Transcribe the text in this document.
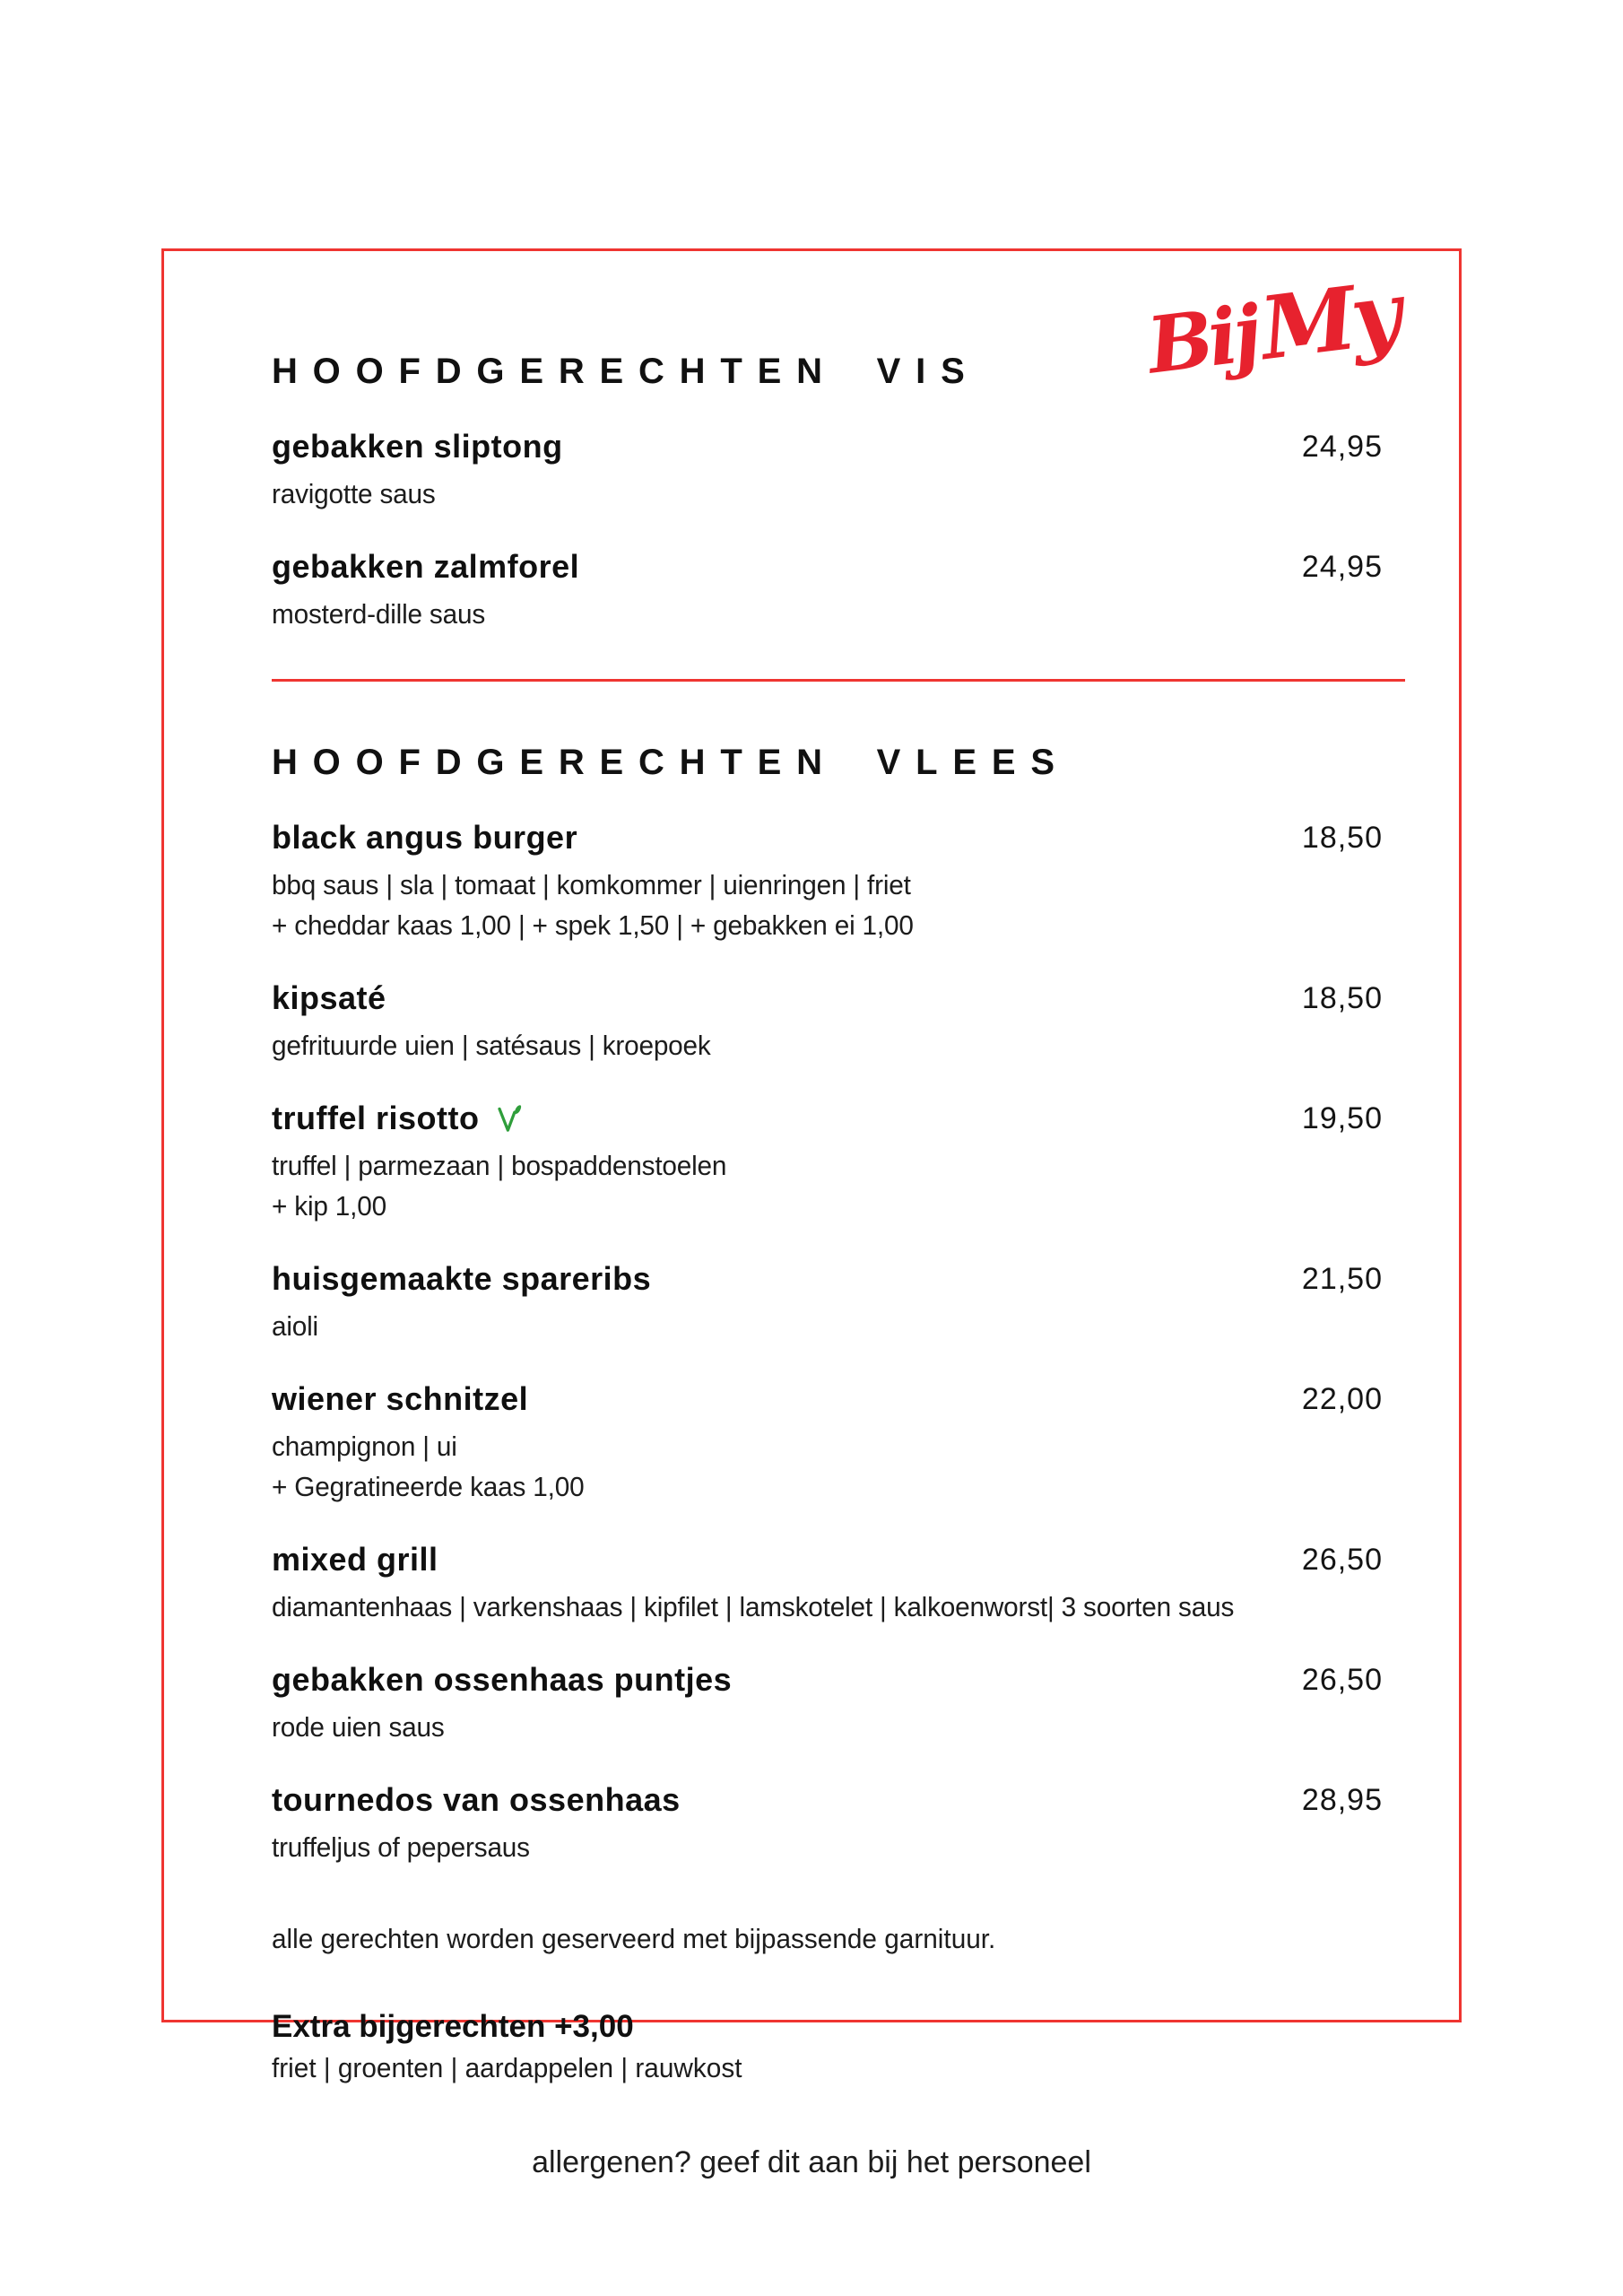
BijMy
HOOFDGERECHTEN VIS
gebakken sliptong	24,95
ravigotte saus
gebakken zalmforel	24,95
mosterd-dille saus
HOOFDGERECHTEN VLEES
black angus burger	18,50
bbq saus | sla | tomaat | komkommer | uienringen | friet
+ cheddar kaas 1,00 | + spek 1,50 | + gebakken ei 1,00
kipsaté	18,50
gefrituurde uien | satésaus | kroepoek
truffel risotto	19,50
truffel | parmezaan | bospaddenstoelen
+ kip 1,00
huisgemaakte spareribs	21,50
aioli
wiener schnitzel	22,00
champignon | ui
+ Gegratineerde kaas 1,00
mixed grill	26,50
diamantenhaas | varkenshaas | kipfilet | lamskotelet | kalkoenworst| 3 soorten saus
gebakken ossenhaas puntjes	26,50
rode uien saus
tournedos van ossenhaas	28,95
truffeljus of pepersaus

alle gerechten worden geserveerd met bijpassende garnituur.

Extra bijgerechten +3,00

friet | groenten | aardappelen | rauwkost

allergenen? geef dit aan bij het personeel
